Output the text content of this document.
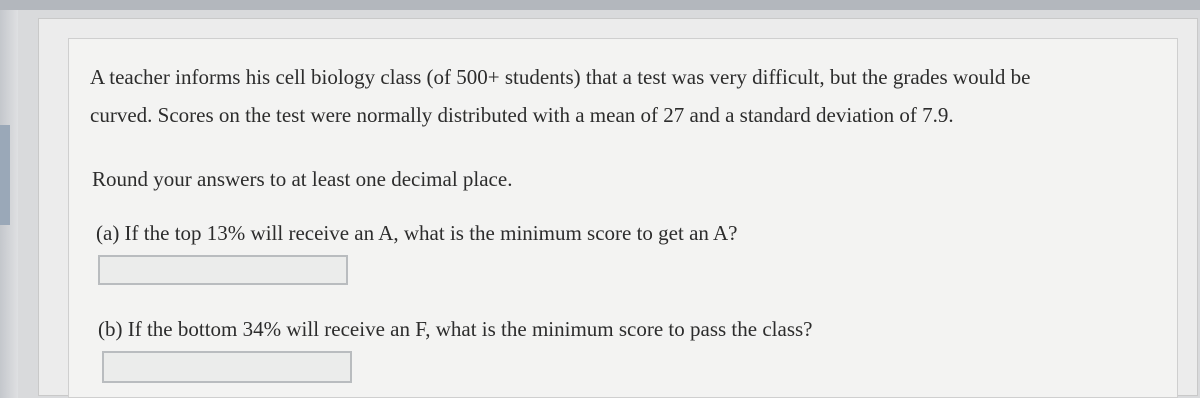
A teacher informs his cell biology class (of 500+ students) that a test was very difficult, but the grades would be
curved. Scores on the test were normally distributed with a mean of 27 and a standard deviation of 7.9.
Round your answers to at least one decimal place.
(a) If the top 13% will receive an A, what is the minimum score to get an A?
(b) If the bottom 34% will receive an F, what is the minimum score to pass the class?
